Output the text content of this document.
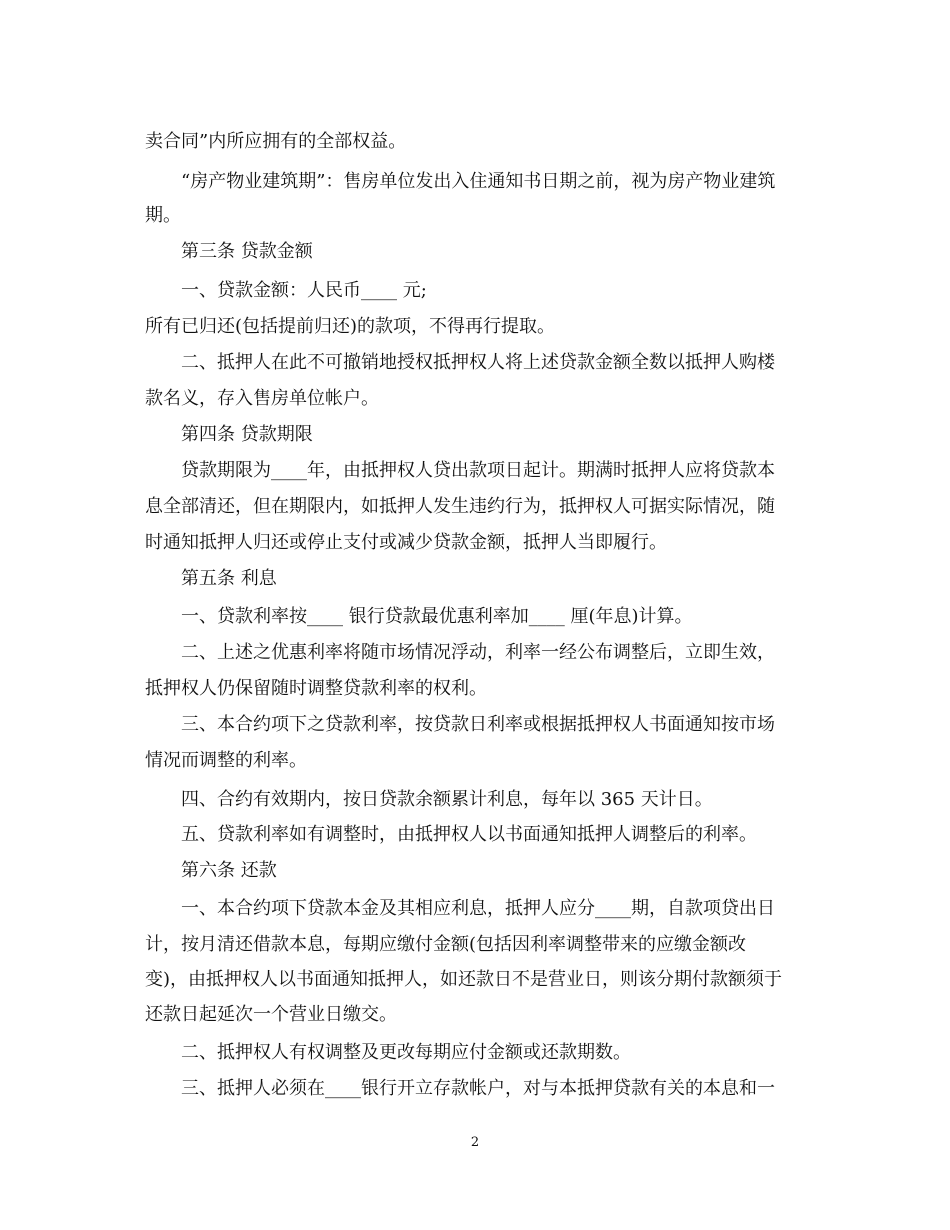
卖合同”内所应拥有的全部权益。
“房产物业建筑期”：售房单位发出入住通知书日期之前，视为房产物业建筑
期。
第三条 贷款金额
一、贷款金额：人民币____ 元;
所有已归还(包括提前归还)的款项，不得再行提取。
二、抵押人在此不可撤销地授权抵押权人将上述贷款金额全数以抵押人购楼
款名义，存入售房单位帐户。
第四条 贷款期限
贷款期限为____年，由抵押权人贷出款项日起计。期满时抵押人应将贷款本
息全部清还，但在期限内，如抵押人发生违约行为，抵押权人可据实际情况，随
时通知抵押人归还或停止支付或减少贷款金额，抵押人当即履行。
第五条 利息
一、贷款利率按____ 银行贷款最优惠利率加____ 厘(年息)计算。
二、上述之优惠利率将随市场情况浮动，利率一经公布调整后，立即生效，
抵押权人仍保留随时调整贷款利率的权利。
三、本合约项下之贷款利率，按贷款日利率或根据抵押权人书面通知按市场
情况而调整的利率。
四、合约有效期内，按日贷款余额累计利息，每年以 365 天计日。
五、贷款利率如有调整时，由抵押权人以书面通知抵押人调整后的利率。
第六条 还款
一、本合约项下贷款本金及其相应利息，抵押人应分____期，自款项贷出日
计，按月清还借款本息，每期应缴付金额(包括因利率调整带来的应缴金额改
变)，由抵押权人以书面通知抵押人，如还款日不是营业日，则该分期付款额须于
还款日起延次一个营业日缴交。
二、抵押权人有权调整及更改每期应付金额或还款期数。
三、抵押人必须在____银行开立存款帐户，对与本抵押贷款有关的本息和一
2
